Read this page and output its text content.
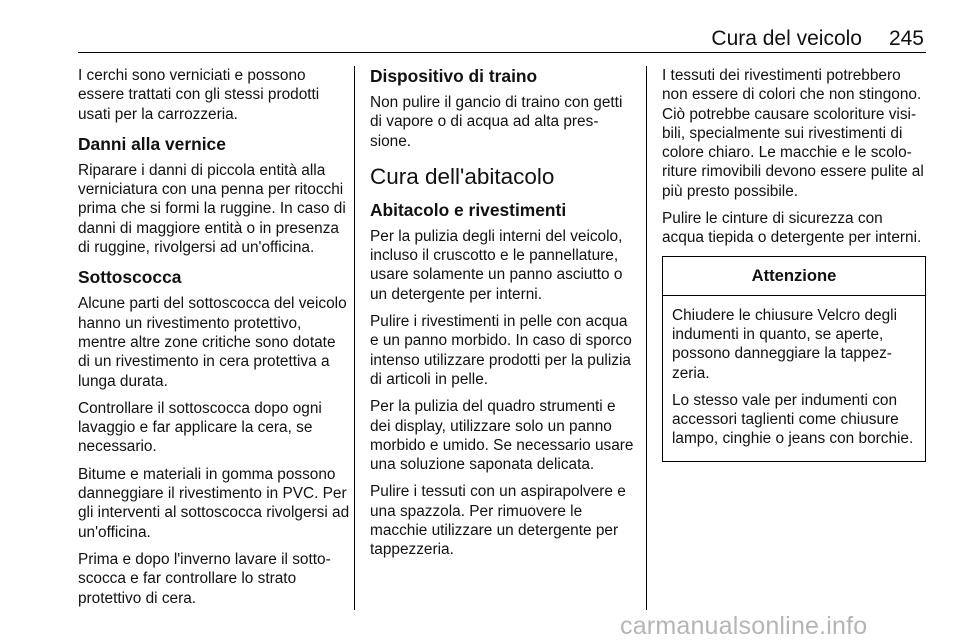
Cura del veicolo 245

I cerchi sono verniciati e possono essere trattati con gli stessi prodotti usati per la carrozzeria.

Danni alla vernice

Riparare i danni di piccola entità alla verniciatura con una penna per ritocchi prima che si formi la ruggine. In caso di danni di maggiore entità o in presenza di ruggine, rivolgersi ad un'officina.

Sottoscocca

Alcune parti del sottoscocca del veicolo hanno un rivestimento protettivo, mentre altre zone critiche sono dotate di un rivestimento in cera protettiva a lunga durata.

Controllare il sottoscocca dopo ogni lavaggio e far applicare la cera, se necessario.

Bitume e materiali in gomma possono danneggiare il rivestimento in PVC. Per gli interventi al sottoscocca rivolgersi ad un'officina.

Prima e dopo l'inverno lavare il sottoscocca e far controllare lo strato protettivo di cera.

Dispositivo di traino

Non pulire il gancio di traino con getti di vapore o di acqua ad alta pressione.

Cura dell'abitacolo
Abitacolo e rivestimenti

Per la pulizia degli interni del veicolo, incluso il cruscotto e le pannellature, usare solamente un panno asciutto o un detergente per interni.

Pulire i rivestimenti in pelle con acqua e un panno morbido. In caso di sporco intenso utilizzare prodotti per la pulizia di articoli in pelle.

Per la pulizia del quadro strumenti e dei display, utilizzare solo un panno morbido e umido. Se necessario usare una soluzione saponata delicata.

Pulire i tessuti con un aspirapolvere e una spazzola. Per rimuovere le macchie utilizzare un detergente per tappezzeria.

I tessuti dei rivestimenti potrebbero non essere di colori che non stingono. Ciò potrebbe causare scoloriture visibili, specialmente sui rivestimenti di colore chiaro. Le macchie e le scoloriture rimovibili devono essere pulite al più presto possibile.

Pulire le cinture di sicurezza con acqua tiepida o detergente per interni.

Attenzione

Chiudere le chiusure Velcro degli indumenti in quanto, se aperte, possono danneggiare la tappezzeria.

Lo stesso vale per indumenti con accessori taglienti come chiusure lampo, cinghie o jeans con borchie.

carmanualsonline.info
